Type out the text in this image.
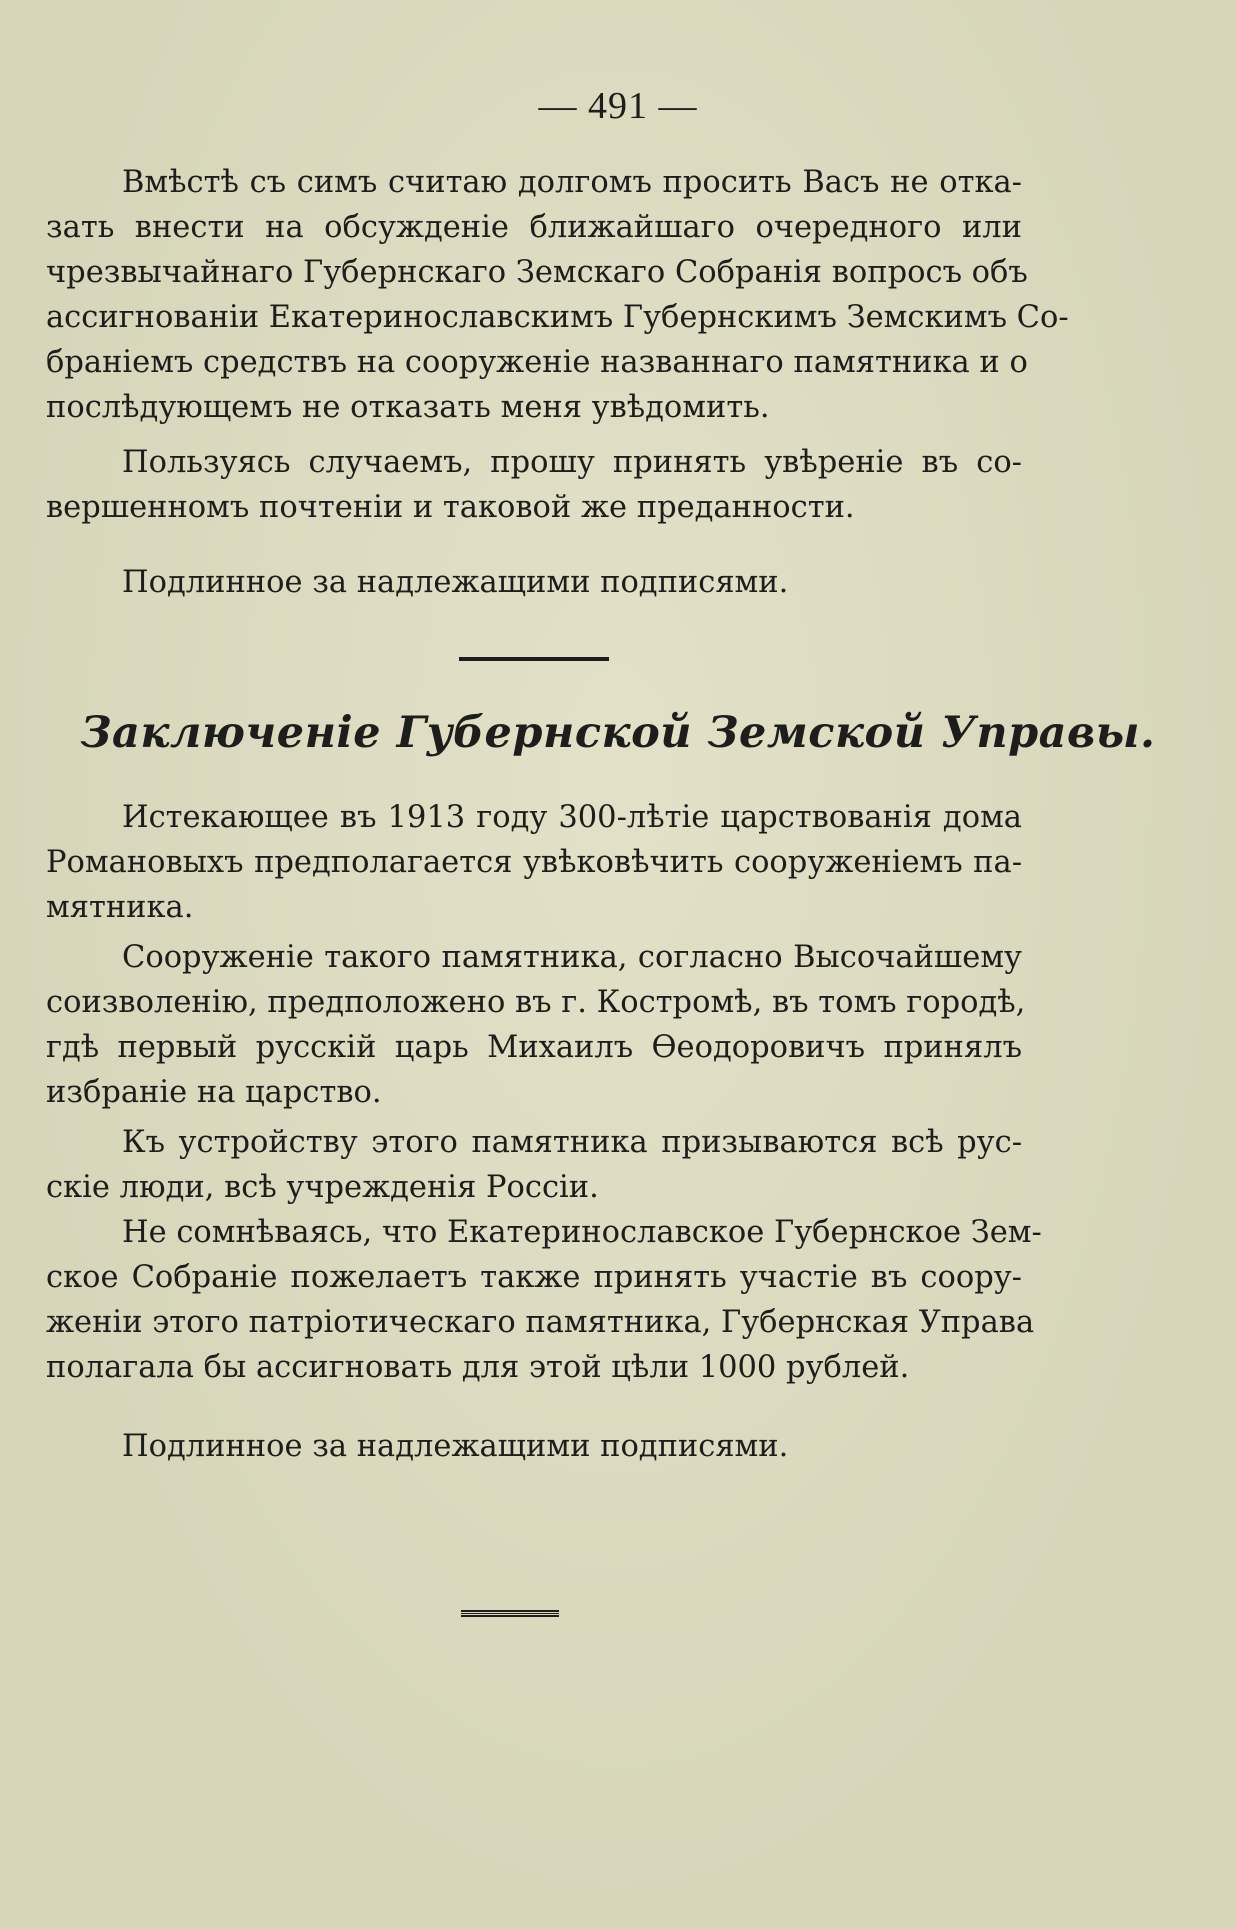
— 491 —
Вмѣстѣ съ симъ считаю долгомъ просить Васъ не отка-
зать внести на обсужденіе ближайшаго очередного или
чрезвычайнаго Губернскаго Земскаго Собранія вопросъ объ
ассигнованіи Екатеринославскимъ Губернскимъ Земскимъ Со-
браніемъ средствъ на сооруженіе названнаго памятника и о
послѣдующемъ не отказать меня увѣдомить.
Пользуясь случаемъ, прошу принять увѣреніе въ со-
вершенномъ почтеніи и таковой же преданности.
Подлинное за надлежащими подписями.
Заключеніе Губернской Земской Управы.
Истекающее въ 1913 году 300-лѣтіе царствованія дома
Романовыхъ предполагается увѣковѣчить сооруженіемъ па-
мятника.
Сооруженіе такого памятника, согласно Высочайшему
соизволенію, предположено въ г. Костромѣ, въ томъ городѣ,
гдѣ первый русскій царь Михаилъ Ѳеодоровичъ принялъ
избраніе на царство.
Къ устройству этого памятника призываются всѣ рус-
скіе люди, всѣ учрежденія Россіи.
Не сомнѣваясь, что Екатеринославское Губернское Зем-
ское Собраніе пожелаетъ также принять участіе въ соору-
женіи этого патріотическаго памятника, Губернская Управа
полагала бы ассигновать для этой цѣли 1000 рублей.
Подлинное за надлежащими подписями.
